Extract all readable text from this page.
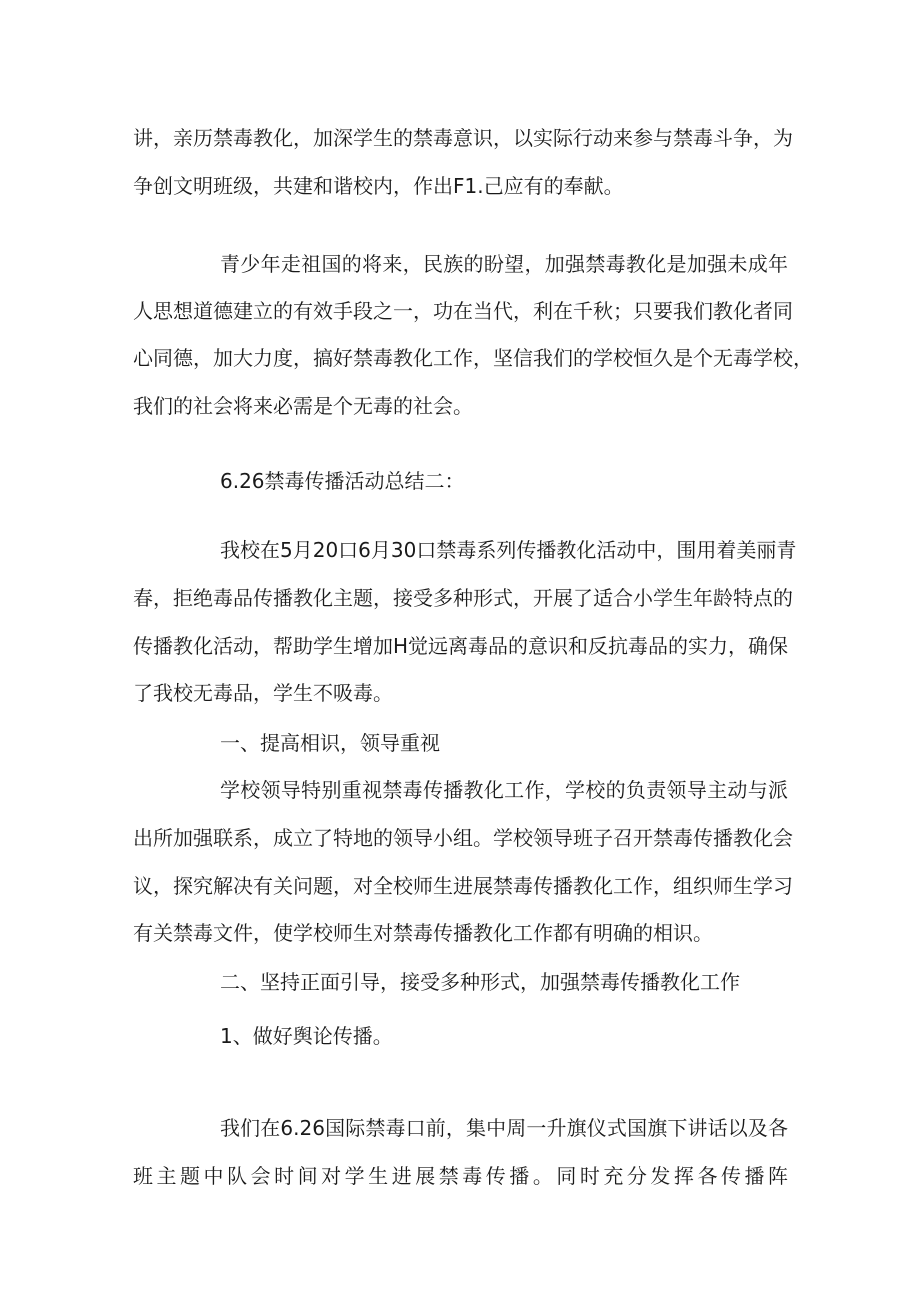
讲，亲历禁毒教化，加深学生的禁毒意识，以实际行动来参与禁毒斗争，为
争创文明班级，共建和谐校内，作出F1.己应有的奉献。
青少年走祖国的将来，民族的盼望，加强禁毒教化是加强未成年
人思想道德建立的有效手段之一，功在当代，利在千秋；只要我们教化者同
心同德，加大力度，搞好禁毒教化工作，坚信我们的学校恒久是个无毒学校，
我们的社会将来必需是个无毒的社会。
6.26禁毒传播活动总结二：
我校在5月20口6月30口禁毒系列传播教化活动中，围用着美丽青
春，拒绝毒品传播教化主题，接受多种形式，开展了适合小学生年龄特点的
传播教化活动，帮助学生增加H觉远离毒品的意识和反抗毒品的实力，确保
了我校无毒品，学生不吸毒。
一、提高相识，领导重视
学校领导特别重视禁毒传播教化工作，学校的负责领导主动与派
出所加强联系，成立了特地的领导小组。学校领导班子召开禁毒传播教化会
议，探究解决有关问题，对全校师生进展禁毒传播教化工作，组织师生学习
有关禁毒文件，使学校师生对禁毒传播教化工作都有明确的相识。
二、坚持正面引导，接受多种形式，加强禁毒传播教化工作
1、做好舆论传播。
我们在6.26国际禁毒口前，集中周一升旗仪式国旗下讲话以及各
班主题中队会时间对学生进展禁毒传播。同时充分发挥各传播阵
